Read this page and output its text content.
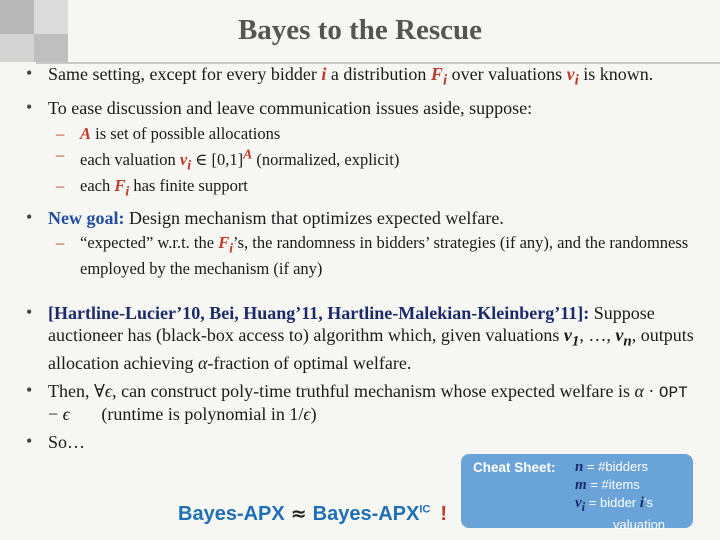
Bayes to the Rescue
• Same setting, except for every bidder i a distribution $F_i$ over valuations $v_i$ is known.
• To ease discussion and leave communication issues aside, suppose:
– A is set of possible allocations
– each valuation $v_i$ ∈ $[0,1]^A$ (normalized, explicit)
– each $F_i$ has finite support
• New goal: Design mechanism that optimizes expected welfare.
– “expected” w.r.t. the $F_i’s$, the randomness in bidders’ strategies (if any), and the randomness employed by the mechanism (if any)
• [Hartline-Lucier’10, Bei, Huang’11, Hartline-Malekian-Kleinberg’11]: Suppose auctioneer has (black-box access to) algorithm which, given valuations $v_1$, …, $v_n$, outputs allocation achieving α-fraction of optimal welfare.
• Then, ∀ϵ, can construct poly-time truthful mechanism whose expected welfare is α · OPT − ϵ       (runtime is polynomial in 1/ϵ)
• So…
Cheat Sheet: n = #bidders
m = #items
$v_i$ = bidder i’s
valuation
Bayes-APX ≈ Bayes-$APX^{IC}$ !
